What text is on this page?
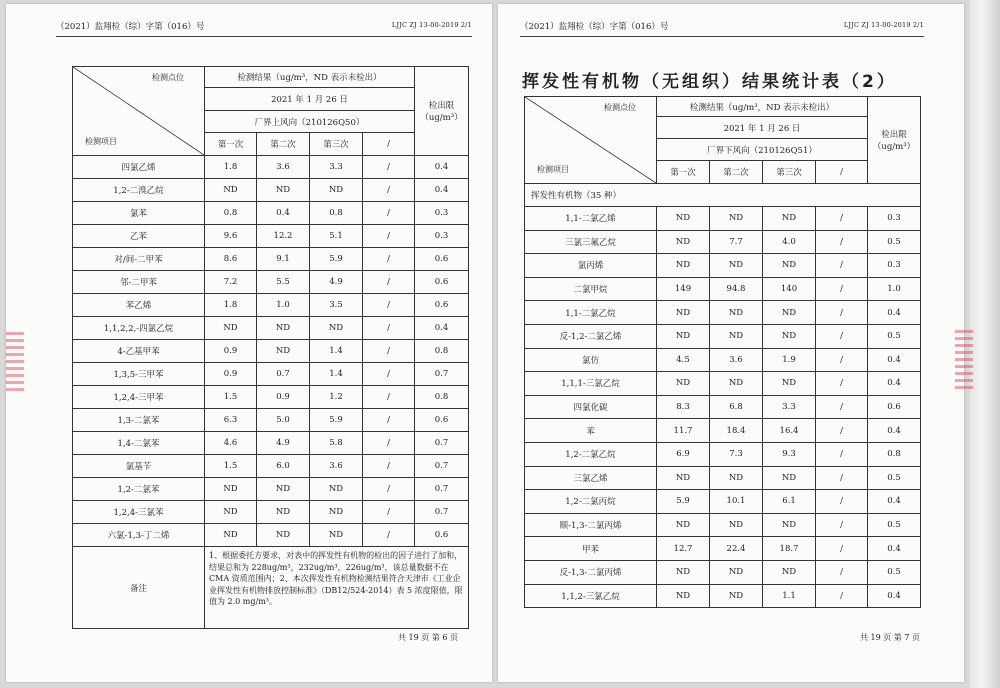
（2021）监翔检（综）字第（016）号	LJJC ZJ 13-00-2019 2/1
检测点位
检测项目	检测结果（ug/m³，ND 表示未检出）				检出限（ug/m³）
	2021 年 1 月 26 日				
	厂界上风向（210126Q50）				
	第一次	第二次	第三次	/	
四氯乙烯	1.8	3.6	3.3	/	0.4
1,2-二溴乙烷	ND	ND	ND	/	0.4
氯苯	0.8	0.4	0.8	/	0.3
乙苯	9.6	12.2	5.1	/	0.3
对/间-二甲苯	8.6	9.1	5.9	/	0.6
邻-二甲苯	7.2	5.5	4.9	/	0.6
苯乙烯	1.8	1.0	3.5	/	0.6
1,1,2,2,-四氯乙烷	ND	ND	ND	/	0.4
4-乙基甲苯	0.9	ND	1.4	/	0.8
1,3,5-三甲苯	0.9	0.7	1.4	/	0.7
1,2,4-三甲苯	1.5	0.9	1.2	/	0.8
1,3-二氯苯	6.3	5.0	5.9	/	0.6
1,4-二氯苯	4.6	4.9	5.8	/	0.7
氯基苄	1.5	6.0	3.6	/	0.7
1,2-二氯苯	ND	ND	ND	/	0.7
1,2,4-三氯苯	ND	ND	ND	/	0.7
六氯-1,3-丁二烯	ND	ND	ND	/	0.6
备注	1、根据委托方要求，对表中的挥发性有机物的检出的因子进行了加和，结果总和为 228ug/m³，232ug/m³，226ug/m³，该总量数据不在 CMA 资质范围内；2、本次挥发性有机物检测结果符合天津市《工业企业挥发性有机物排放控制标准》（DB12/524-2014）表 5 浓度限值，限值为 2.0 mg/m³。				
共 19 页 第 6 页
（2021）监翔检（综）字第（016）号	LJJC ZJ 13-00-2019 2/1
挥发性有机物（无组织）结果统计表（2）
检测点位
检测项目	检测结果（ug/m³，ND 表示未检出）				检出限（ug/m³）
	2021 年 1 月 26 日				
	厂界下风向（210126Q51）				
	第一次	第二次	第三次	/	
挥发性有机物（35 种）					
1,1-二氯乙烯	ND	ND	ND	/	0.3
三氯三氟乙烷	ND	7.7	4.0	/	0.5
氯丙烯	ND	ND	ND	/	0.3
二氯甲烷	149	94.8	140	/	1.0
1,1-二氯乙烷	ND	ND	ND	/	0.4
反-1,2-二氯乙烯	ND	ND	ND	/	0.5
氯仿	4.5	3.6	1.9	/	0.4
1,1,1-三氯乙烷	ND	ND	ND	/	0.4
四氯化碳	8.3	6.8	3.3	/	0.6
苯	11.7	18.4	16.4	/	0.4
1,2-二氯乙烷	6.9	7.3	9.3	/	0.8
三氯乙烯	ND	ND	ND	/	0.5
1,2-二氯丙烷	5.9	10.1	6.1	/	0.4
顺-1,3-二氯丙烯	ND	ND	ND	/	0.5
甲苯	12.7	22.4	18.7	/	0.4
反-1,3-二氯丙烯	ND	ND	ND	/	0.5
1,1,2-三氯乙烷	ND	ND	1.1	/	0.4
共 19 页 第 7 页
